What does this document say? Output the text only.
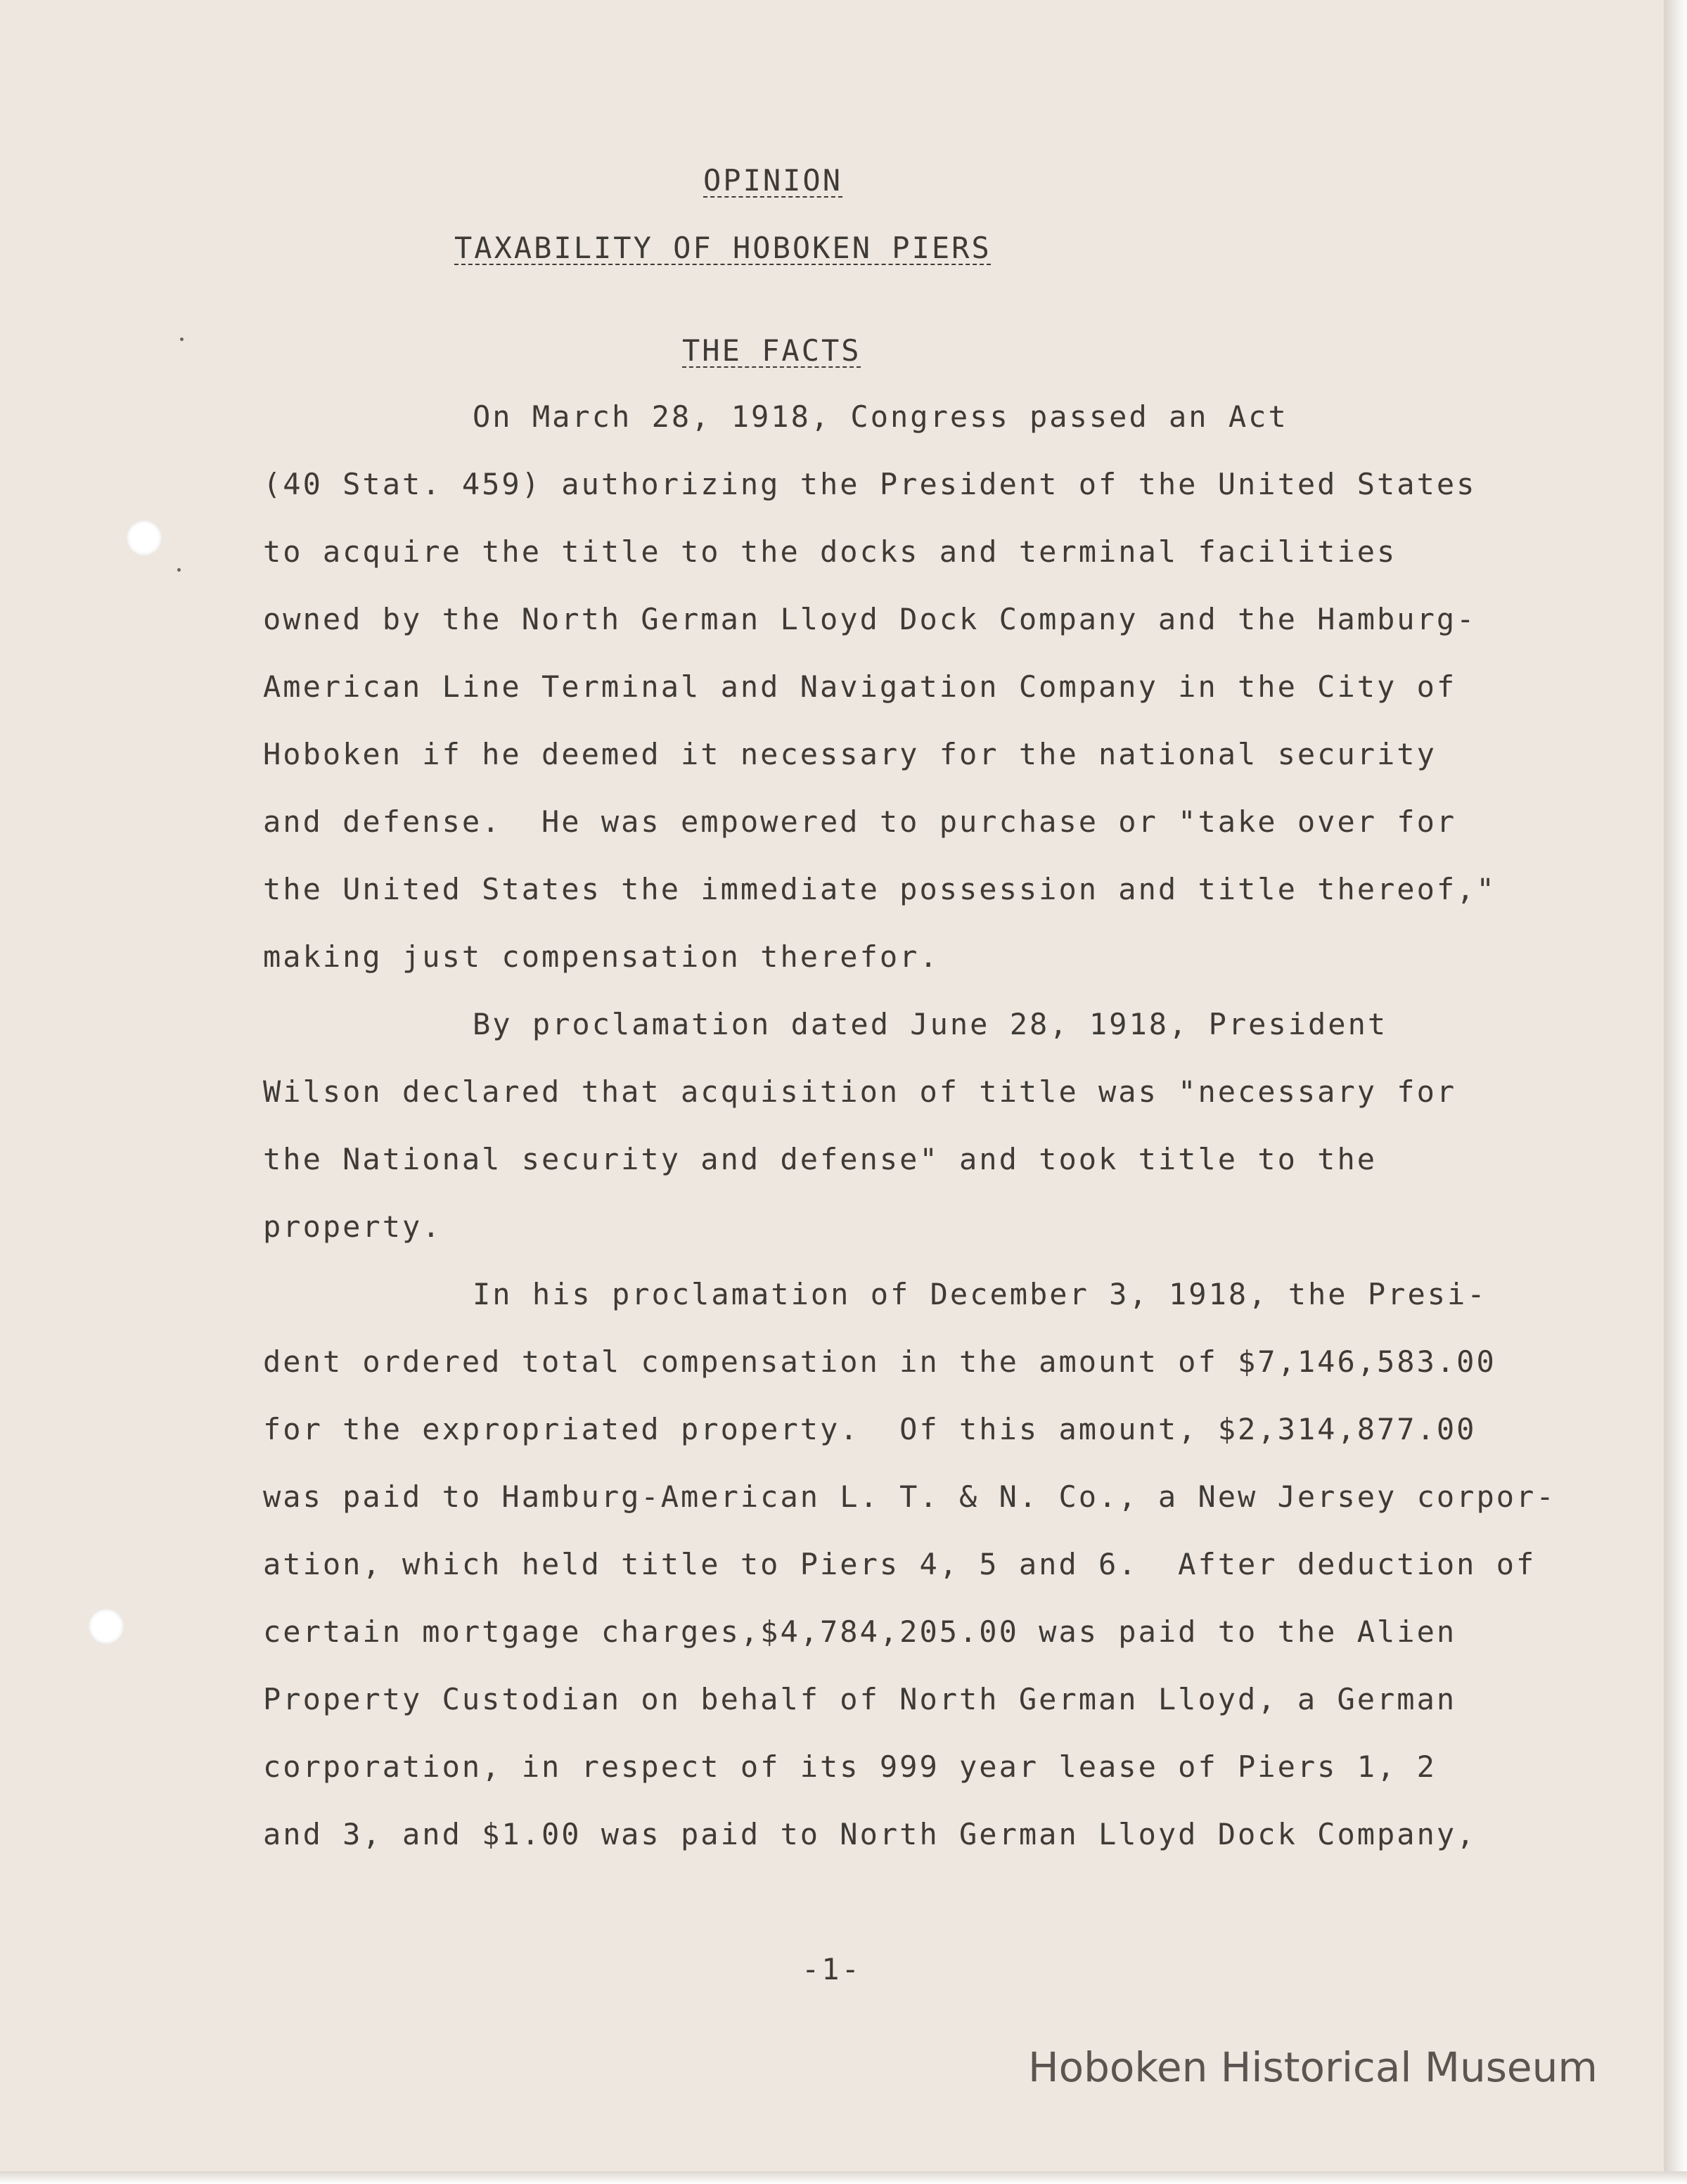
OPINION
TAXABILITY OF HOBOKEN PIERS
THE FACTS
On March 28, 1918, Congress passed an Act
(40 Stat. 459) authorizing the President of the United States
to acquire the title to the docks and terminal facilities
owned by the North German Lloyd Dock Company and the Hamburg-
American Line Terminal and Navigation Company in the City of
Hoboken if he deemed it necessary for the national security
and defense.  He was empowered to purchase or "take over for
the United States the immediate possession and title thereof,"
making just compensation therefor.
By proclamation dated June 28, 1918, President
Wilson declared that acquisition of title was "necessary for
the National security and defense" and took title to the
property.
In his proclamation of December 3, 1918, the Presi-
dent ordered total compensation in the amount of $7,146,583.00
for the expropriated property.  Of this amount, $2,314,877.00
was paid to Hamburg-American L. T. & N. Co., a New Jersey corpor-
ation, which held title to Piers 4, 5 and 6.  After deduction of
certain mortgage charges,$4,784,205.00 was paid to the Alien
Property Custodian on behalf of North German Lloyd, a German
corporation, in respect of its 999 year lease of Piers 1, 2
and 3, and $1.00 was paid to North German Lloyd Dock Company,
-1-
Hoboken Historical Museum
